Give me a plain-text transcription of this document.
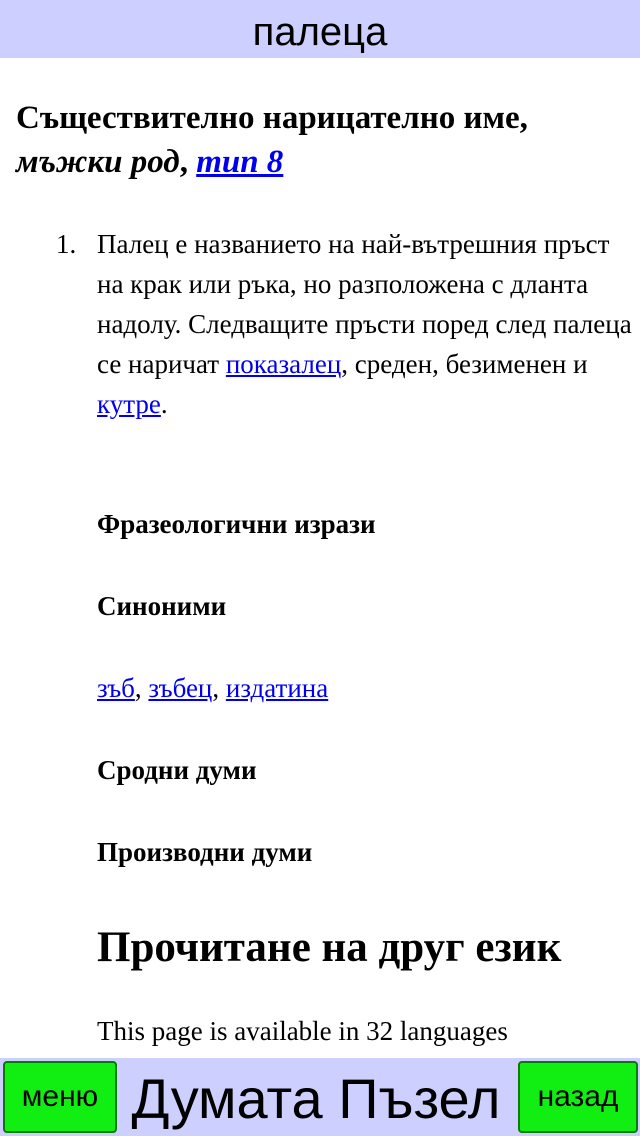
палеца
Съществително нарицателно име,
мъжки род, тип 8
1. Палец е названието на най-вътрешния пръст на крак или ръка, но разположена с дланта надолу. Следващите пръсти поред след палеца се наричат показалец, среден, безименен и кутре.
Фразеологични изрази
Синоними
зъб, зъбец, издатина
Сродни думи
Производни думи
Прочитане на друг език
This page is available in 32 languages
меню Думата Пъзел	назад
